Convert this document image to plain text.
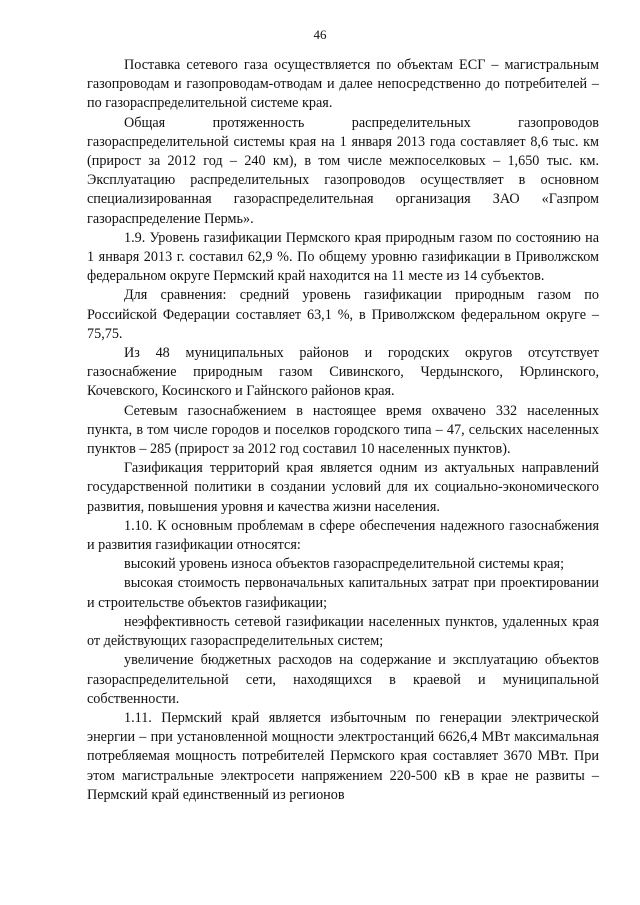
46

Поставка сетевого газа осуществляется по объектам ЕСГ – магистральным газопроводам и газопроводам-отводам и далее непосредственно до потребителей – по газораспределительной системе края.

Общая протяженность распределительных газопроводов газораспределительной системы края на 1 января 2013 года составляет 8,6 тыс. км (прирост за 2012 год – 240 км), в том числе межпоселковых – 1,650 тыс. км. Эксплуатацию распределительных газопроводов осуществляет в основном специализированная газораспределительная организация ЗАО «Газпром газораспределение Пермь».

1.9. Уровень газификации Пермского края природным газом по состоянию на 1 января 2013 г. составил 62,9 %. По общему уровню газификации в Приволжском федеральном округе Пермский край находится на 11 месте из 14 субъектов.

Для сравнения: средний уровень газификации природным газом по Российской Федерации составляет 63,1 %, в Приволжском федеральном округе – 75,75.

Из 48 муниципальных районов и городских округов отсутствует газоснабжение природным газом Сивинского, Чердынского, Юрлинского, Кочевского, Косинского и Гайнского районов края.

Сетевым газоснабжением в настоящее время охвачено 332 населенных пункта, в том числе городов и поселков городского типа – 47, сельских населенных пунктов – 285 (прирост за 2012 год составил 10 населенных пунктов).

Газификация территорий края является одним из актуальных направлений государственной политики в создании условий для их социально-экономического развития, повышения уровня и качества жизни населения.

1.10. К основным проблемам в сфере обеспечения надежного газоснабжения и развития газификации относятся:

высокий уровень износа объектов газораспределительной системы края;

высокая стоимость первоначальных капитальных затрат при проектировании и строительстве объектов газификации;

неэффективность сетевой газификации населенных пунктов, удаленных края от действующих газораспределительных систем;

увеличение бюджетных расходов на содержание и эксплуатацию объектов газораспределительной сети, находящихся в краевой и муниципальной собственности.

1.11. Пермский край является избыточным по генерации электрической энергии – при установленной мощности электростанций 6626,4 МВт максимальная потребляемая мощность потребителей Пермского края составляет 3670 МВт. При этом магистральные электросети напряжением 220-500 кВ в крае не развиты – Пермский край единственный из регионов
